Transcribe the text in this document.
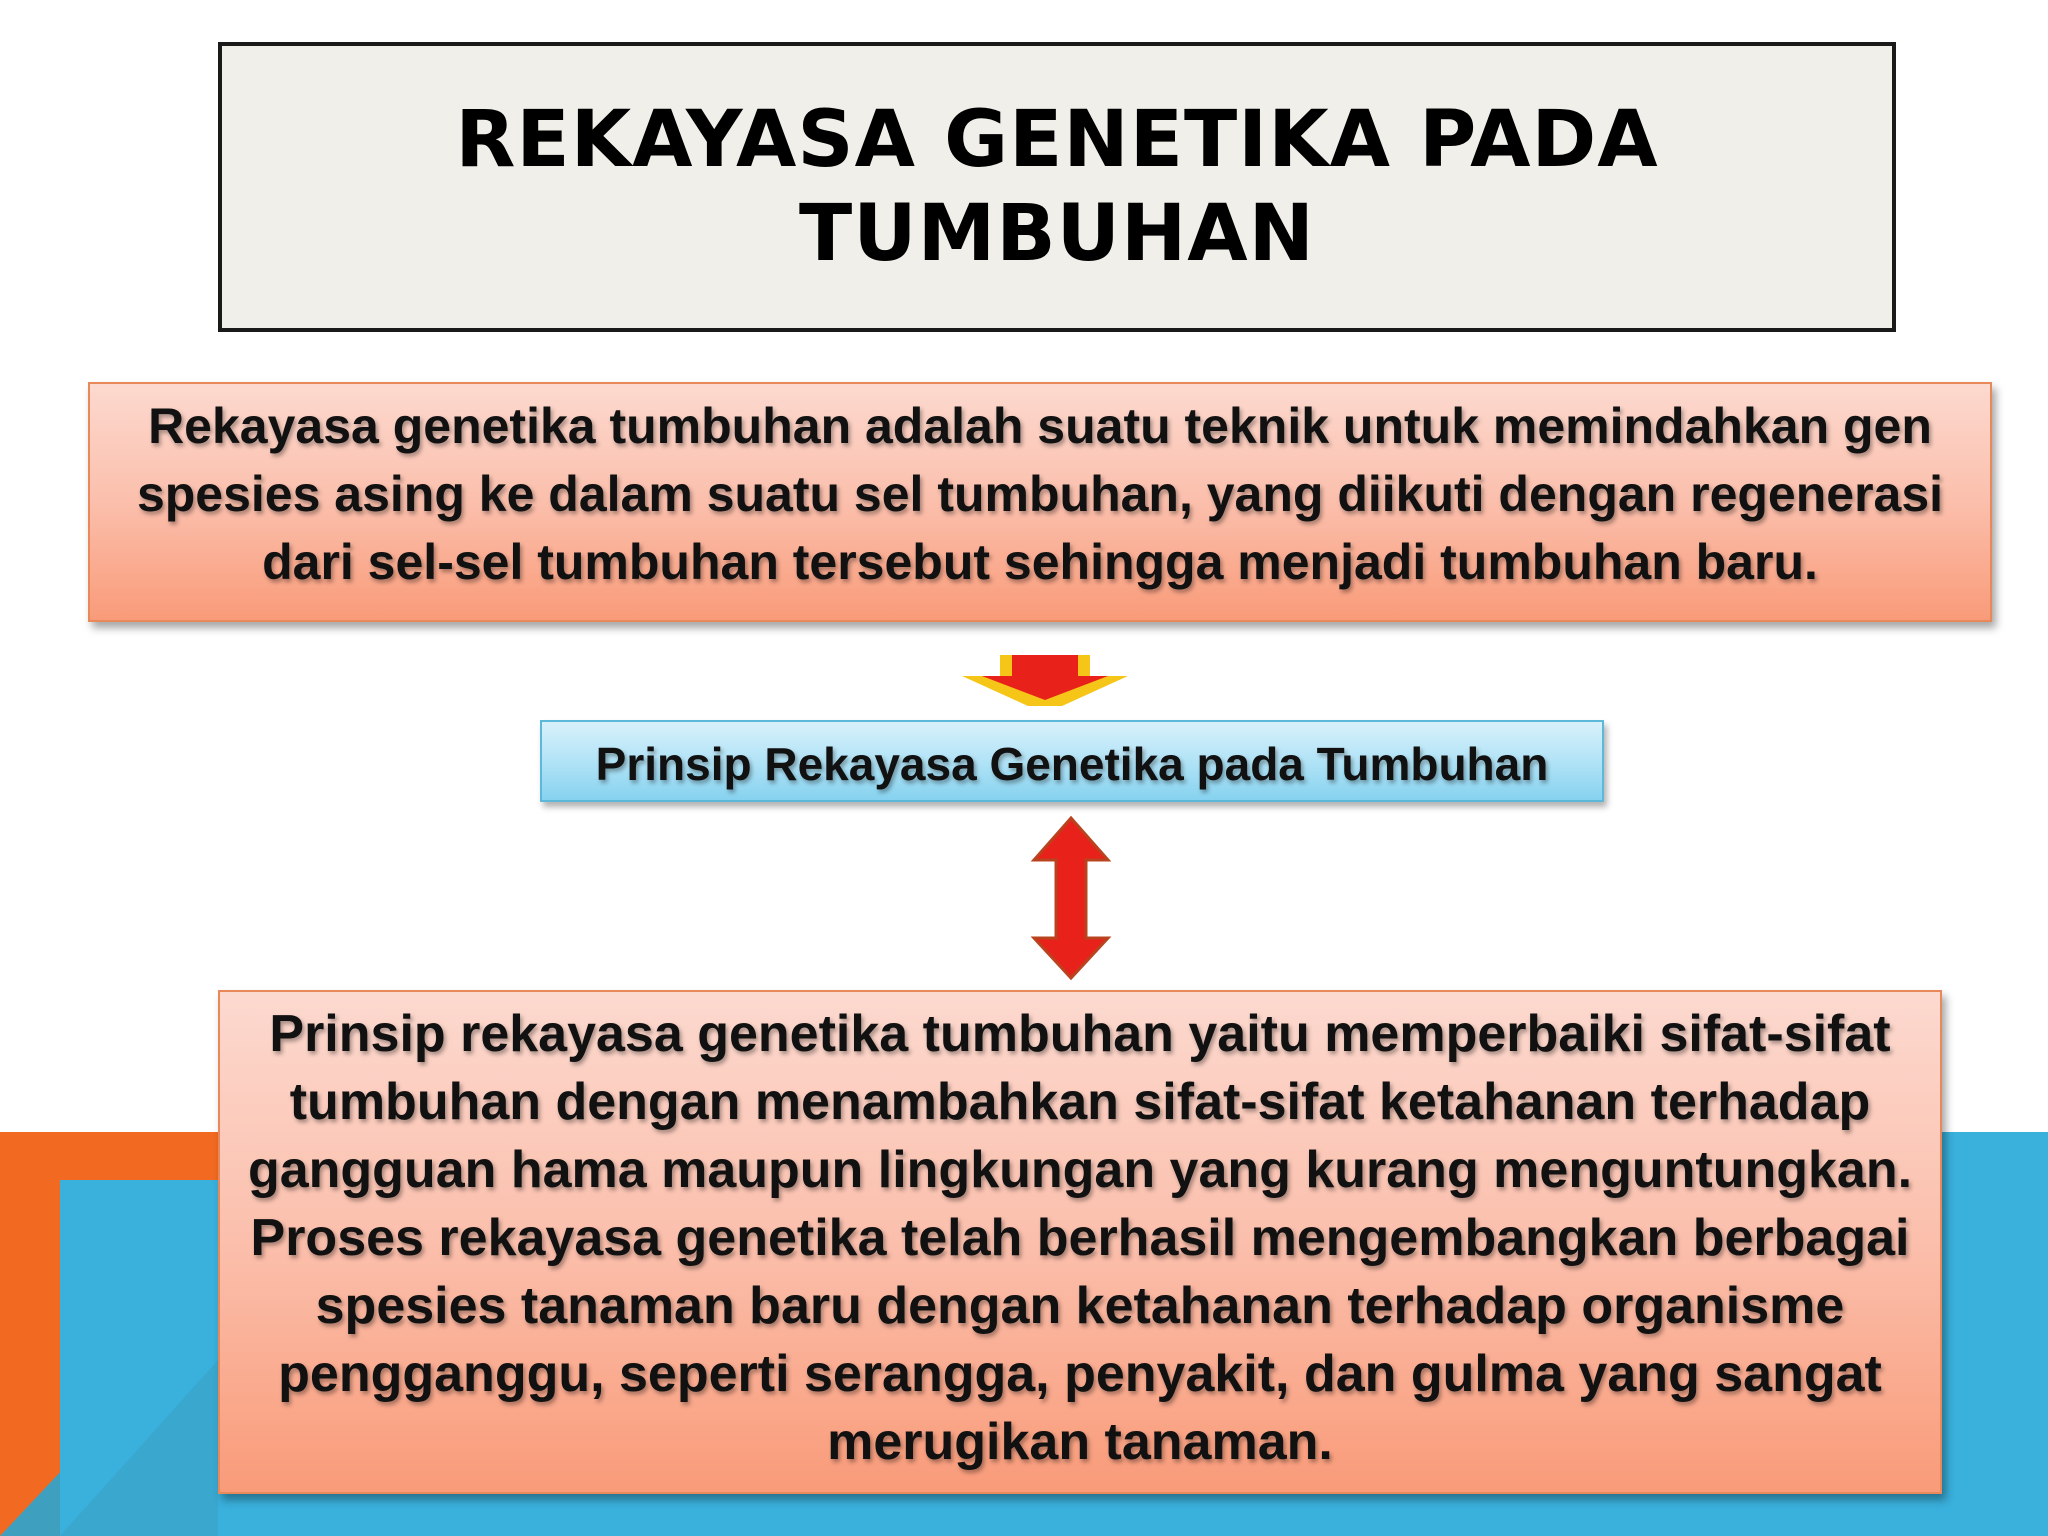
REKAYASA GENETIKA PADA TUMBUHAN
Rekayasa genetika tumbuhan adalah suatu teknik untuk memindahkan gen spesies asing ke dalam suatu sel tumbuhan, yang diikuti dengan regenerasi dari sel-sel tumbuhan tersebut sehingga menjadi tumbuhan baru.
Prinsip Rekayasa Genetika pada Tumbuhan
Prinsip rekayasa genetika tumbuhan yaitu memperbaiki sifat-sifat tumbuhan dengan menambahkan sifat-sifat ketahanan terhadap gangguan hama maupun lingkungan yang kurang menguntungkan. Proses rekayasa genetika telah berhasil mengembangkan berbagai spesies tanaman baru dengan ketahanan terhadap organisme pengganggu, seperti serangga, penyakit, dan gulma yang sangat merugikan tanaman.
